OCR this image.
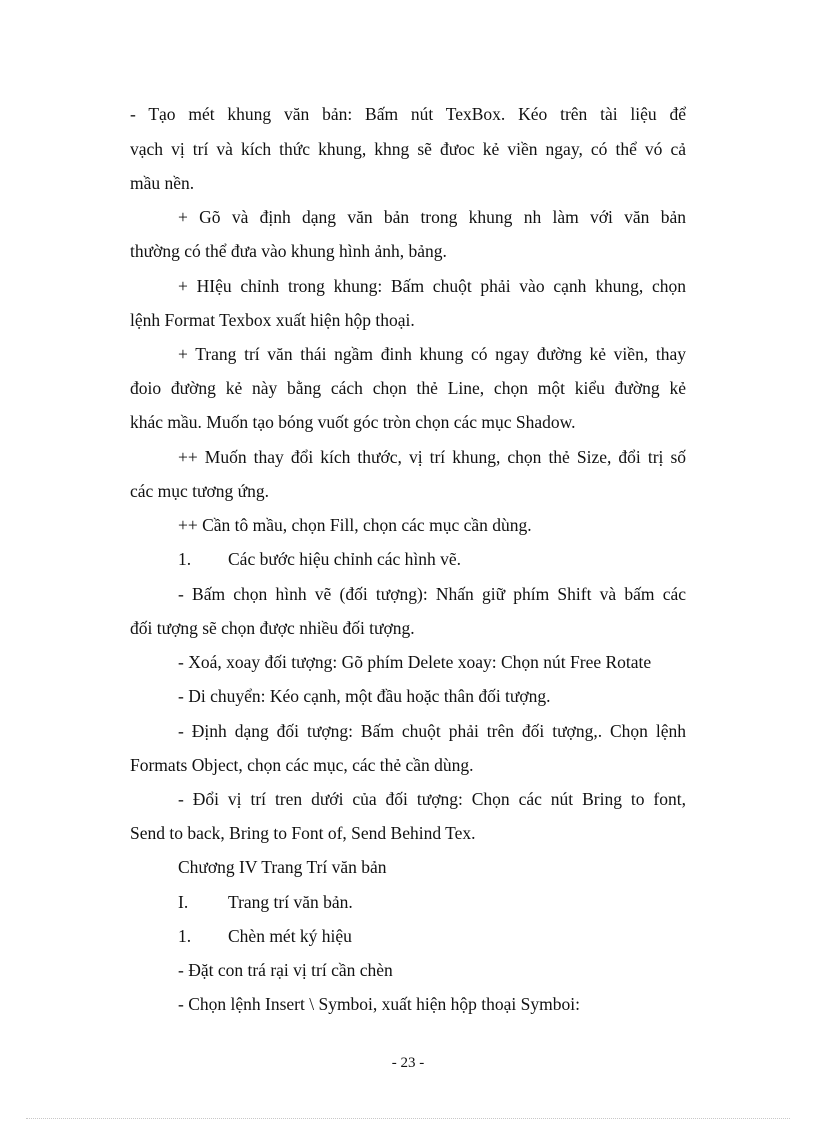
- Tạo mét khung văn bản: Bấm nút TexBox. Kéo trên tài liệu để
vạch vị trí và kích thức khung, khng sẽ đưoc kẻ viền ngay, có thể vó cả
mầu nền.
+ Gõ và định dạng văn bản trong khung nh làm với văn bản
thường có thể đưa vào khung hình ảnh, bảng.
+ HIệu chỉnh trong khung: Bấm chuột phải vào cạnh khung, chọn
lệnh Format Texbox xuất hiện hộp thoại.
+ Trang trí văn thái ngầm đinh khung có ngay đường kẻ viền, thay
đoio đường kẻ này bằng cách chọn thẻ Line, chọn một kiểu đường kẻ
khác mầu. Muốn tạo bóng vuốt góc tròn chọn các mục Shadow.
++ Muốn thay đổi kích thước, vị trí khung, chọn thẻ Size, đổi trị số
các mục tương ứng.
++ Cần tô mầu, chọn Fill, chọn các mục cần dùng.
1. Các bước hiệu chỉnh các hình vẽ.
- Bấm chọn hình vẽ (đối tượng): Nhấn giữ phím Shift và bấm các
đối tượng sẽ chọn được nhiều đối tượng.
- Xoá, xoay đối tượng: Gõ phím Delete xoay: Chọn nút Free Rotate
- Di chuyển: Kéo cạnh, một đầu hoặc thân đối tượng.
- Định dạng đối tượng: Bấm chuột phải trên đối tượng,. Chọn lệnh
Formats Object, chọn các mục, các thẻ cần dùng.
- Đổi vị trí tren dưới của đối tượng: Chọn các nút Bring to font,
Send to back, Bring to Font of, Send Behind Tex.
Chương IV Trang Trí văn bản
I. Trang trí văn bản.
1. Chèn mét ký hiệu
- Đặt con trá rại vị trí cần chèn
- Chọn lệnh Insert \ Symboi, xuất hiện hộp thoại Symboi:
- 23 -
